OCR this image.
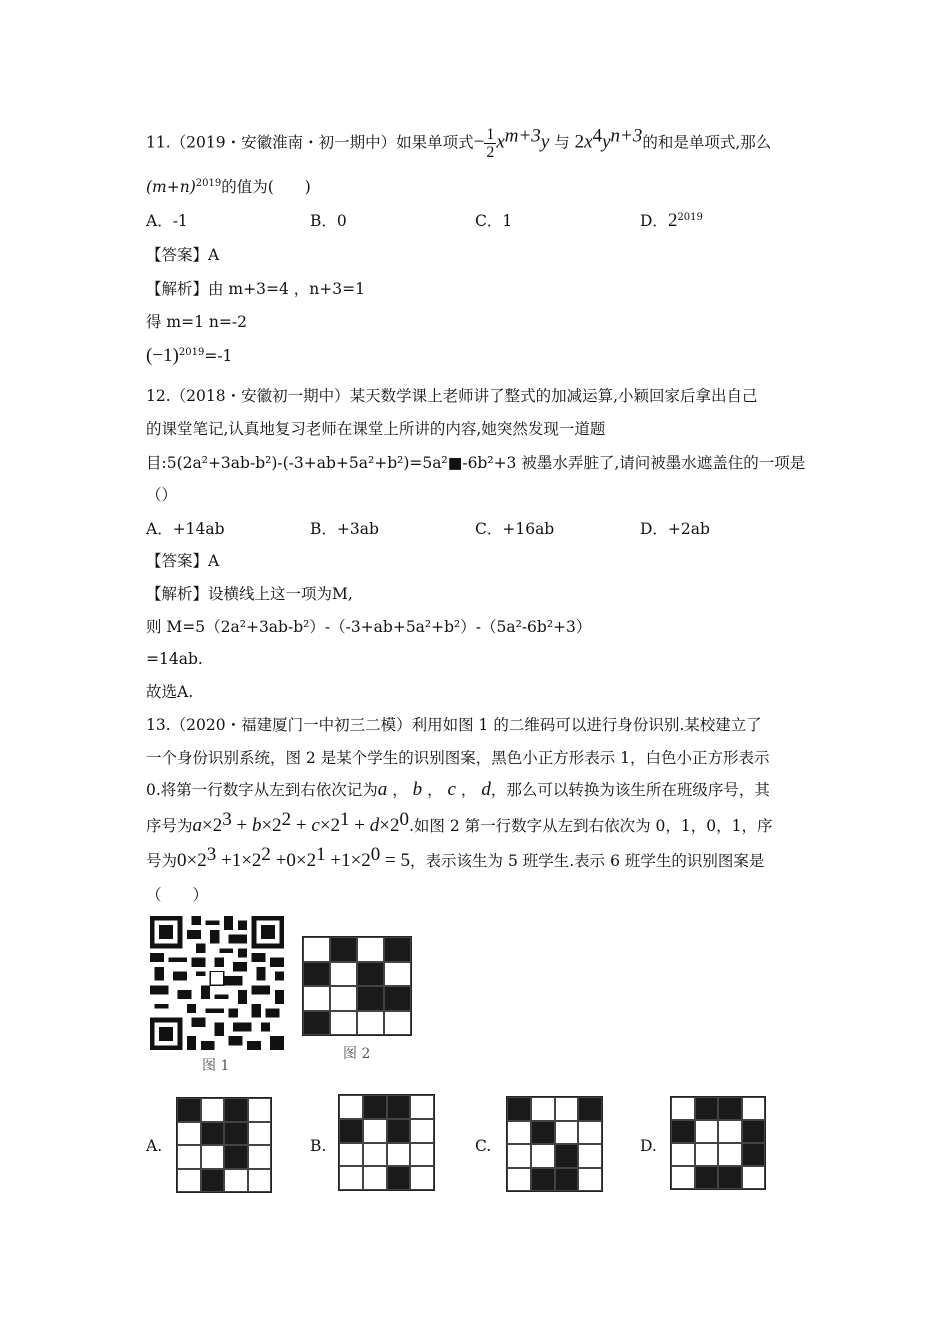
11.（2019・安徽淮南・初一期中）如果单项式− $\frac{1}{2} x^{m+3}y$ 与 $2x^4y^{n+3}$的和是单项式,那么
$(m+n)^{2019}$的值为(　　)
A．-1	B．0	C．1	D．$2^{2019}$
【答案】A
【解析】由 m+3=4 ，n+3=1
得 m=1 n=-2
$(-1)^{2019}=-1$
12.（2018・安徽初一期中）某天数学课上老师讲了整式的加减运算,小颖回家后拿出自己
的课堂笔记,认真地复习老师在课堂上所讲的内容,她突然发现一道题
目:5(2a²+3ab-b²)-(-3+ab+5a²+b²)=5a²■-6b²+3 被墨水弄脏了,请问被墨水遮盖住的一项是
（）
A．+14ab	B．+3ab	C．+16ab	D．+2ab
【答案】A
【解析】设横线上这一项为M,
则 M=5（2a²+3ab-b²）-（-3+ab+5a²+b²）-（5a²-6b²+3）
=14ab.
故选A.
13.（2020・福建厦门一中初三二模）利用如图 1 的二维码可以进行身份识别.某校建立了
一个身份识别系统，图 2 是某个学生的识别图案，黑色小正方形表示 1，白色小正方形表示
0.将第一行数字从左到右依次记为a ， b ， c ， d，那么可以转换为该生所在班级序号，其
序号为$a\times 2^3 + b\times 2^2 + c\times 2^1 + d\times 2^0$.如图 2 第一行数字从左到右依次为 0，1，0，1，序
号为$0\times 2^3 +1\times 2^2 +0\times 2^1 +1\times 2^0 = 5$，表示该生为 5 班学生.表示 6 班学生的识别图案是
（　　）
图 1
图 2
A.	B.	C.	D.
